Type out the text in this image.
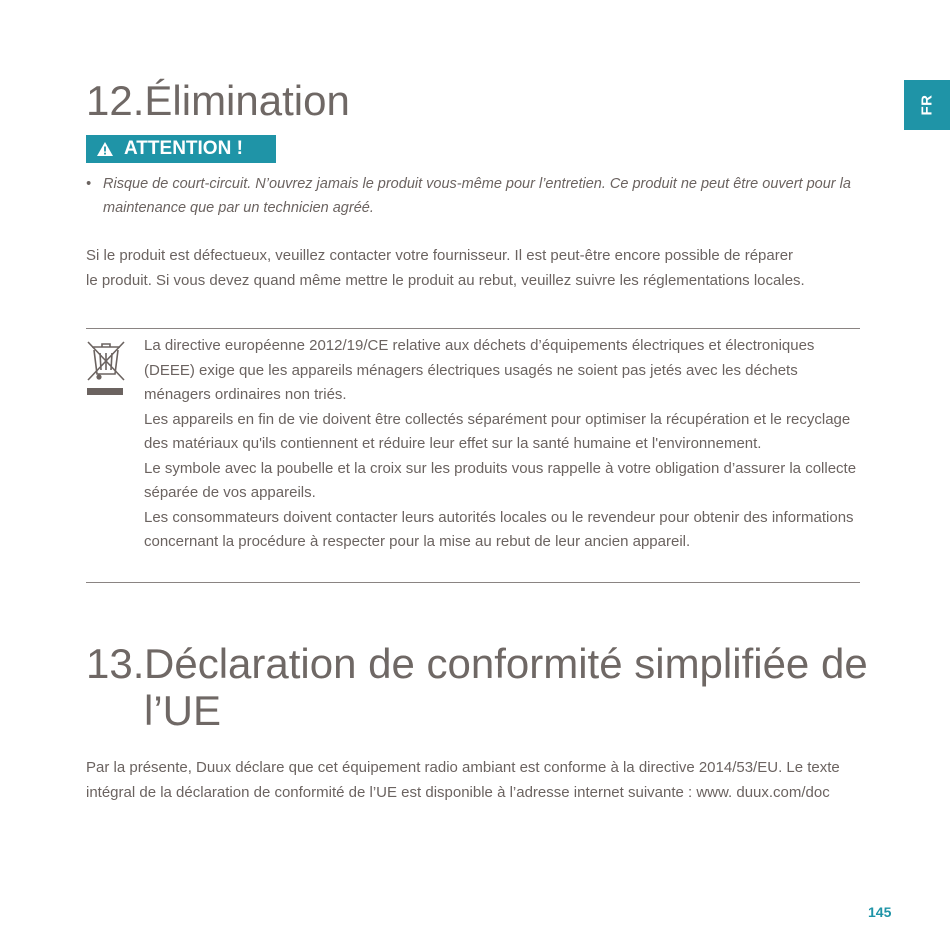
FR
12.Élimination
ATTENTION !
• Risque de court-circuit. N’ouvrez jamais le produit vous-même pour l’entretien. Ce produit ne peut être ouvert pour la maintenance que par un technicien agréé.
Si le produit est défectueux, veuillez contacter votre fournisseur. Il est peut-être encore possible de réparer le produit. Si vous devez quand même mettre le produit au rebut, veuillez suivre les réglementations locales.

La directive européenne 2012/19/CE relative aux déchets d’équipements électriques et électroniques (DEEE) exige que les appareils ménagers électriques usagés ne soient pas jetés avec les déchets ménagers ordinaires non triés.

Les appareils en fin de vie doivent être collectés séparément pour optimiser la récupération et le recyclage des matériaux qu'ils contiennent et réduire leur effet sur la santé humaine et l'environnement.

Le symbole avec la poubelle et la croix sur les produits vous rappelle à votre obligation d’assurer la collecte séparée de vos appareils.

Les consommateurs doivent contacter leurs autorités locales ou le revendeur pour obtenir des informations concernant la procédure à respecter pour la mise au rebut de leur ancien appareil.

13.Déclaration de conformité simplifiée de
l’UE
Par la présente, Duux déclare que cet équipement radio ambiant est conforme à la directive 2014/53/EU. Le texte intégral de la déclaration de conformité de l’UE est disponible à l’adresse internet suivante : www. duux.com/doc
145
